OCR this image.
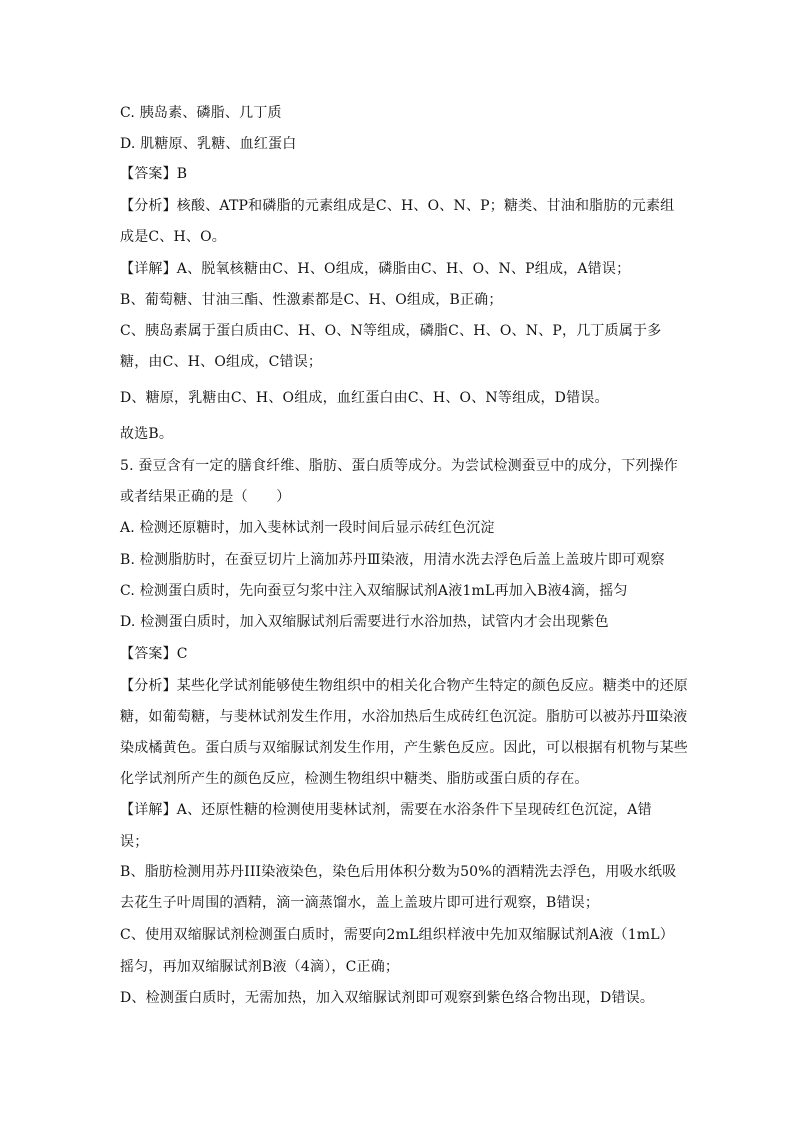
C. 胰岛素、磷脂、几丁质
D. 肌糖原、乳糖、血红蛋白
【答案】B
【分析】核酸、ATP和磷脂的元素组成是C、H、O、N、P；糖类、甘油和脂肪的元素组
成是C、H、O。
【详解】A、脱氧核糖由C、H、O组成，磷脂由C、H、O、N、P组成，A错误；
B、葡萄糖、甘油三酯、性激素都是C、H、O组成，B正确；
C、胰岛素属于蛋白质由C、H、O、N等组成，磷脂C、H、O、N、P，几丁质属于多
糖，由C、H、O组成，C错误；
D、糖原，乳糖由C、H、O组成，血红蛋白由C、H、O、N等组成，D错误。
故选B。
5. 蚕豆含有一定的膳食纤维、脂肪、蛋白质等成分。为尝试检测蚕豆中的成分，下列操作
或者结果正确的是（　　）
A. 检测还原糖时，加入斐林试剂一段时间后显示砖红色沉淀
B. 检测脂肪时，在蚕豆切片上滴加苏丹Ⅲ染液，用清水洗去浮色后盖上盖玻片即可观察
C. 检测蛋白质时，先向蚕豆匀浆中注入双缩脲试剂A液1mL再加入B液4滴，摇匀
D. 检测蛋白质时，加入双缩脲试剂后需要进行水浴加热，试管内才会出现紫色
【答案】C
【分析】某些化学试剂能够使生物组织中的相关化合物产生特定的颜色反应。糖类中的还原
糖，如葡萄糖，与斐林试剂发生作用，水浴加热后生成砖红色沉淀。脂肪可以被苏丹Ⅲ染液
染成橘黄色。蛋白质与双缩脲试剂发生作用，产生紫色反应。因此，可以根据有机物与某些
化学试剂所产生的颜色反应，检测生物组织中糖类、脂肪或蛋白质的存在。
【详解】A、还原性糖的检测使用斐林试剂，需要在水浴条件下呈现砖红色沉淀，A错
误；
B、脂肪检测用苏丹III染液染色，染色后用体积分数为50%的酒精洗去浮色，用吸水纸吸
去花生子叶周围的酒精，滴一滴蒸馏水，盖上盖玻片即可进行观察，B错误；
C、使用双缩脲试剂检测蛋白质时，需要向2mL组织样液中先加双缩脲试剂A液（1mL）
摇匀，再加双缩脲试剂B液（4滴），C正确；
D、检测蛋白质时，无需加热，加入双缩脲试剂即可观察到紫色络合物出现，D错误。
